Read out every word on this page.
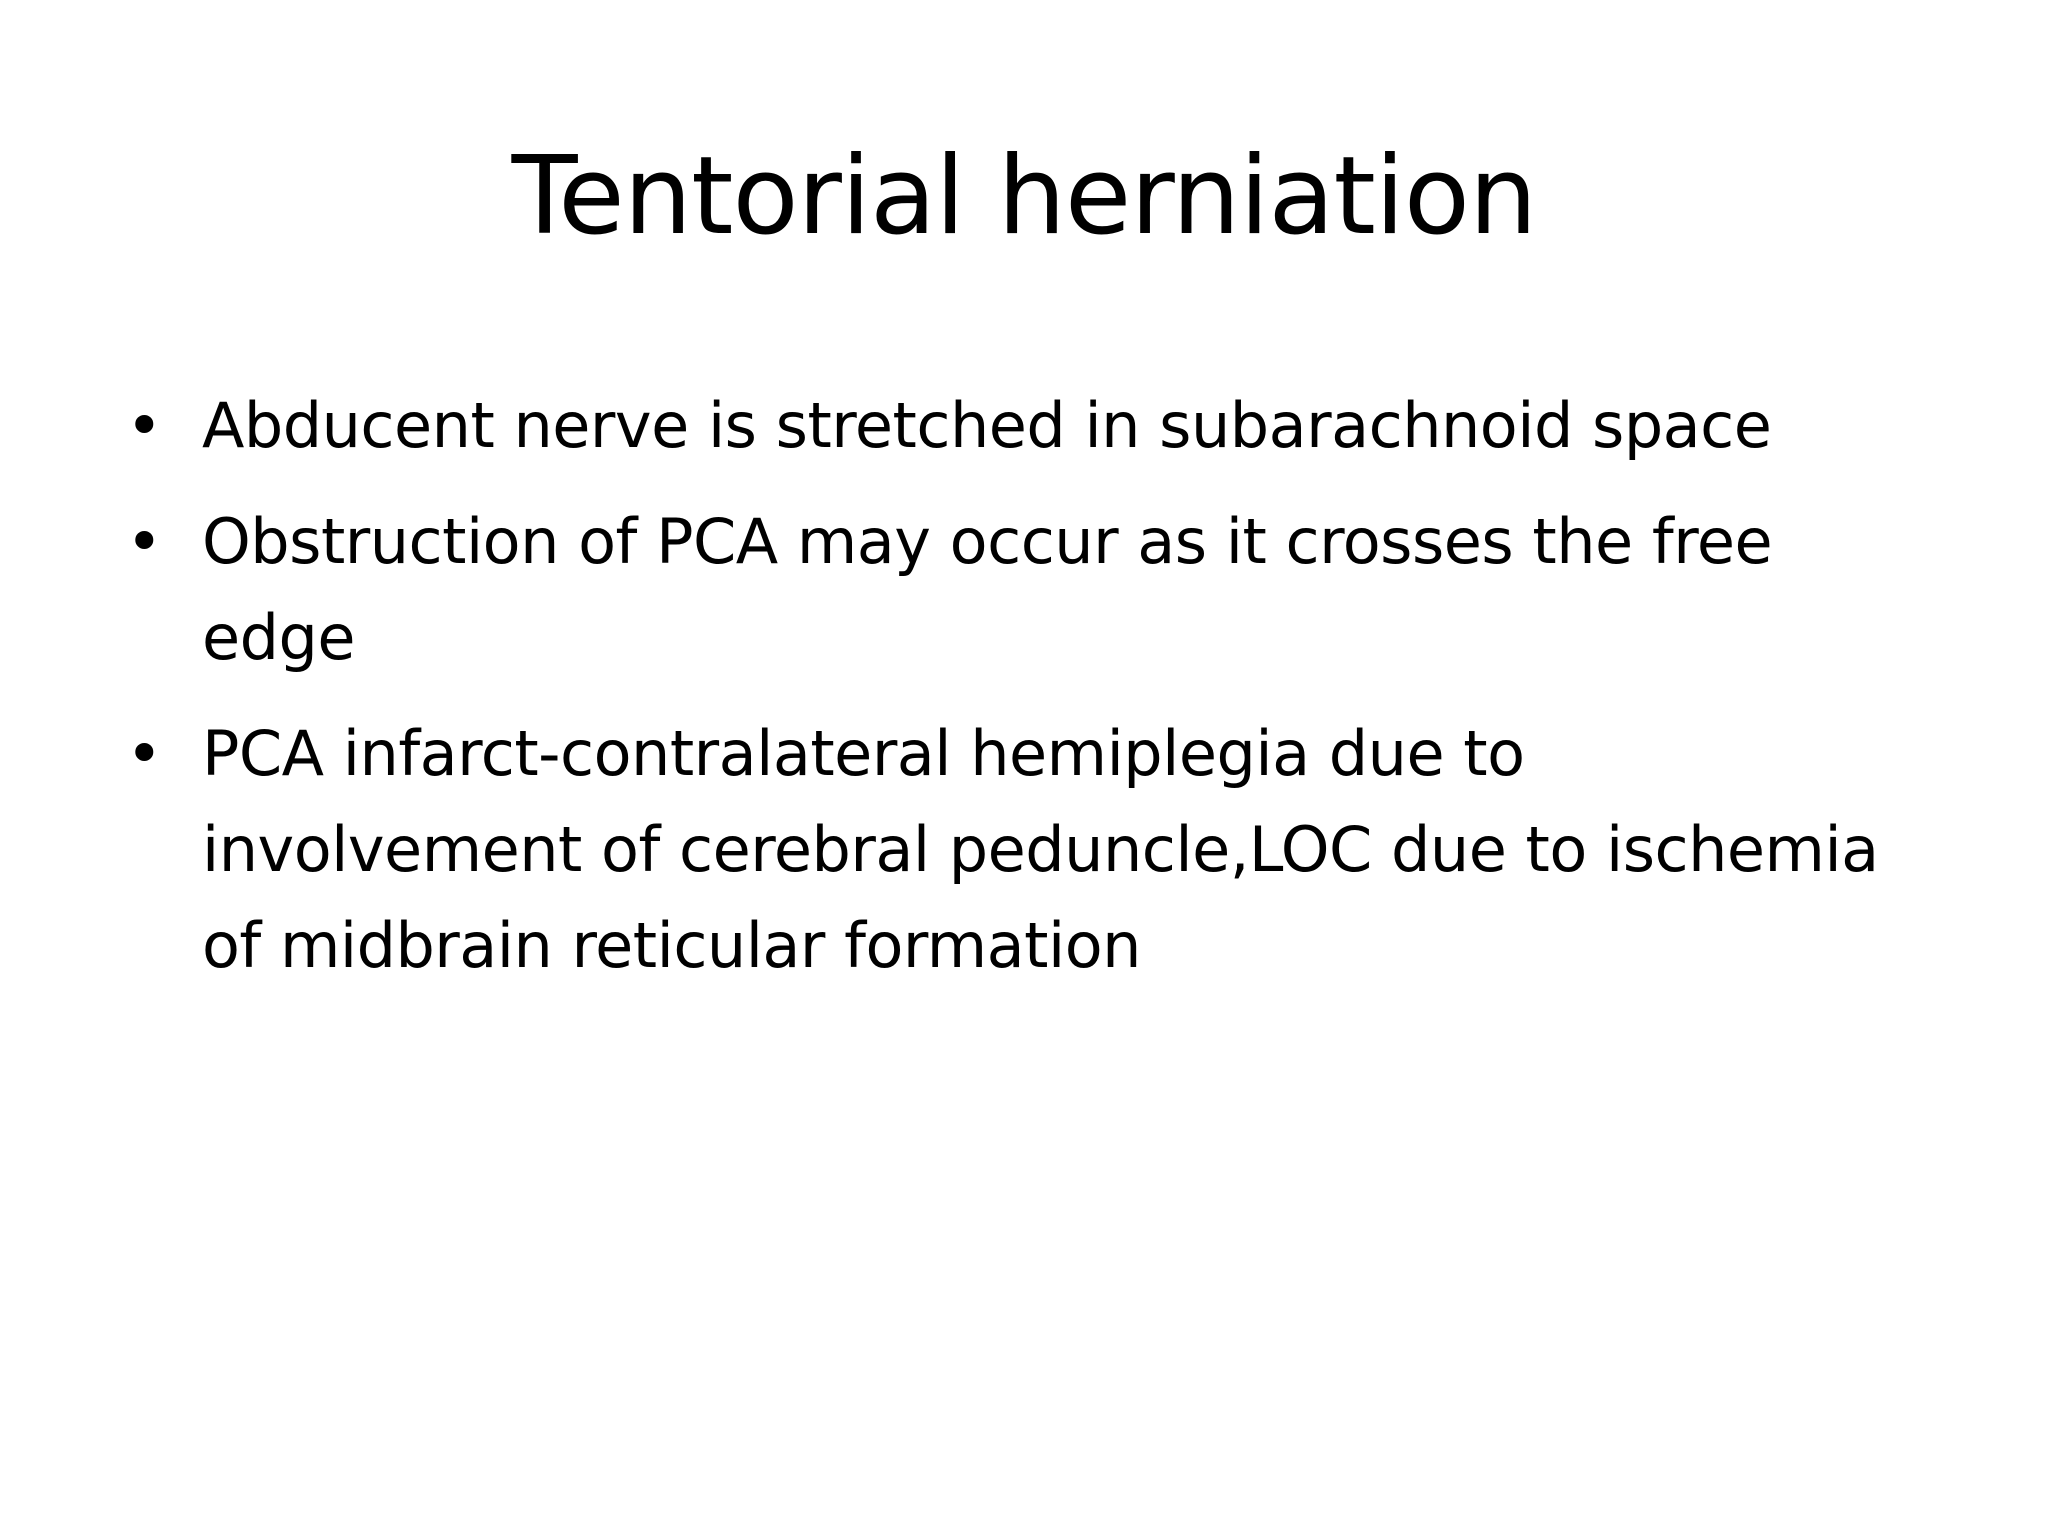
Tentorial herniation
• Abducent nerve is stretched in subarachnoid space
• Obstruction of PCA may occur as it crosses the free edge
• PCA infarct-contralateral hemiplegia due to involvement of cerebral peduncle,LOC due to ischemia of midbrain reticular formation
